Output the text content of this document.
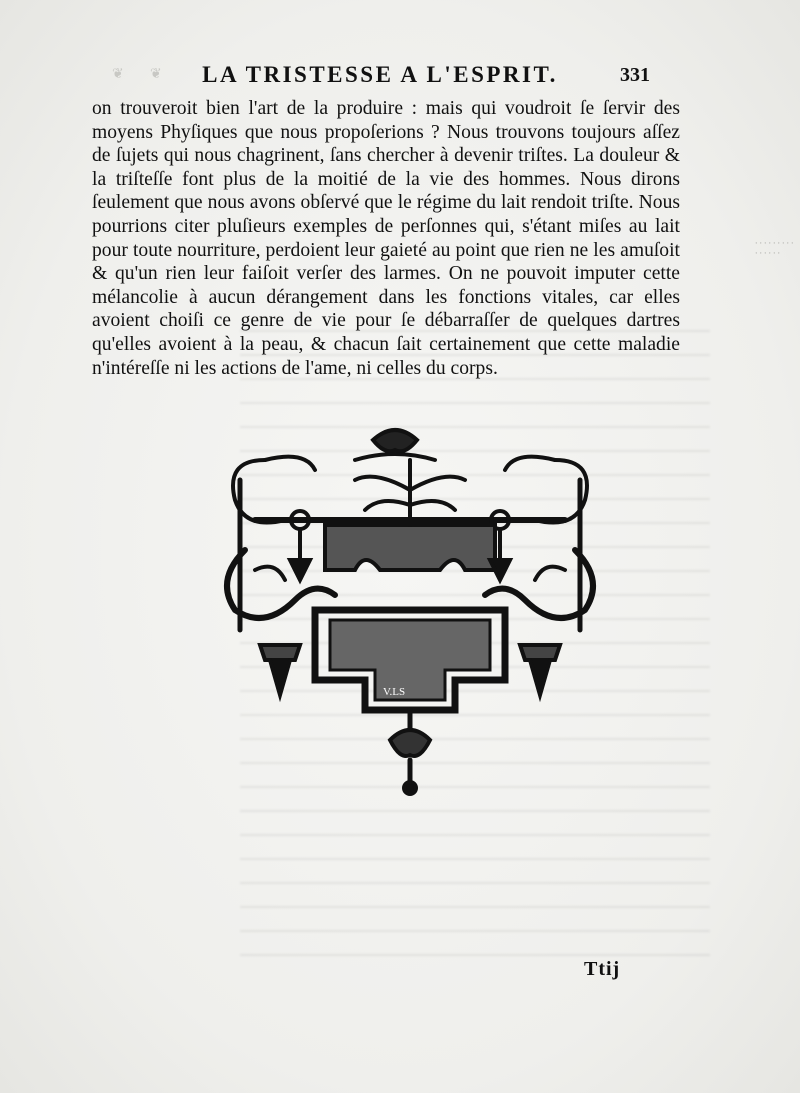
❦ ❦	LA TRISTESSE A L'ESPRIT.	331

on trouveroit bien l'art de la produire : mais qui voudroit ſe ſervir des moyens Phyſiques que nous propoſerions ? Nous trouvons toujours aſſez de ſujets qui nous chagrinent, ſans chercher à devenir triſtes. La douleur & la triſteſſe font plus de la moitié de la vie des hommes. Nous dirons ſeulement que nous avons obſervé que le régime du lait rendoit triſte. Nous pourrions citer pluſieurs exemples de perſonnes qui, s'étant miſes au lait pour toute nourriture, perdoient leur gaieté au point que rien ne les amuſoit & qu'un rien leur faiſoit verſer des larmes. On ne pouvoit imputer cette mélancolie à aucun dérangement dans les fonctions vitales, car elles avoient choiſi ce genre de vie pour ſe débarraſſer de quelques dartres qu'elles avoient à la peau, & chacun ſait certainement que cette maladie n'intéreſſe ni les actions de l'ame, ni celles du corps.

· · · · · · · · · · · · · · ·
V.LS
Ttij
